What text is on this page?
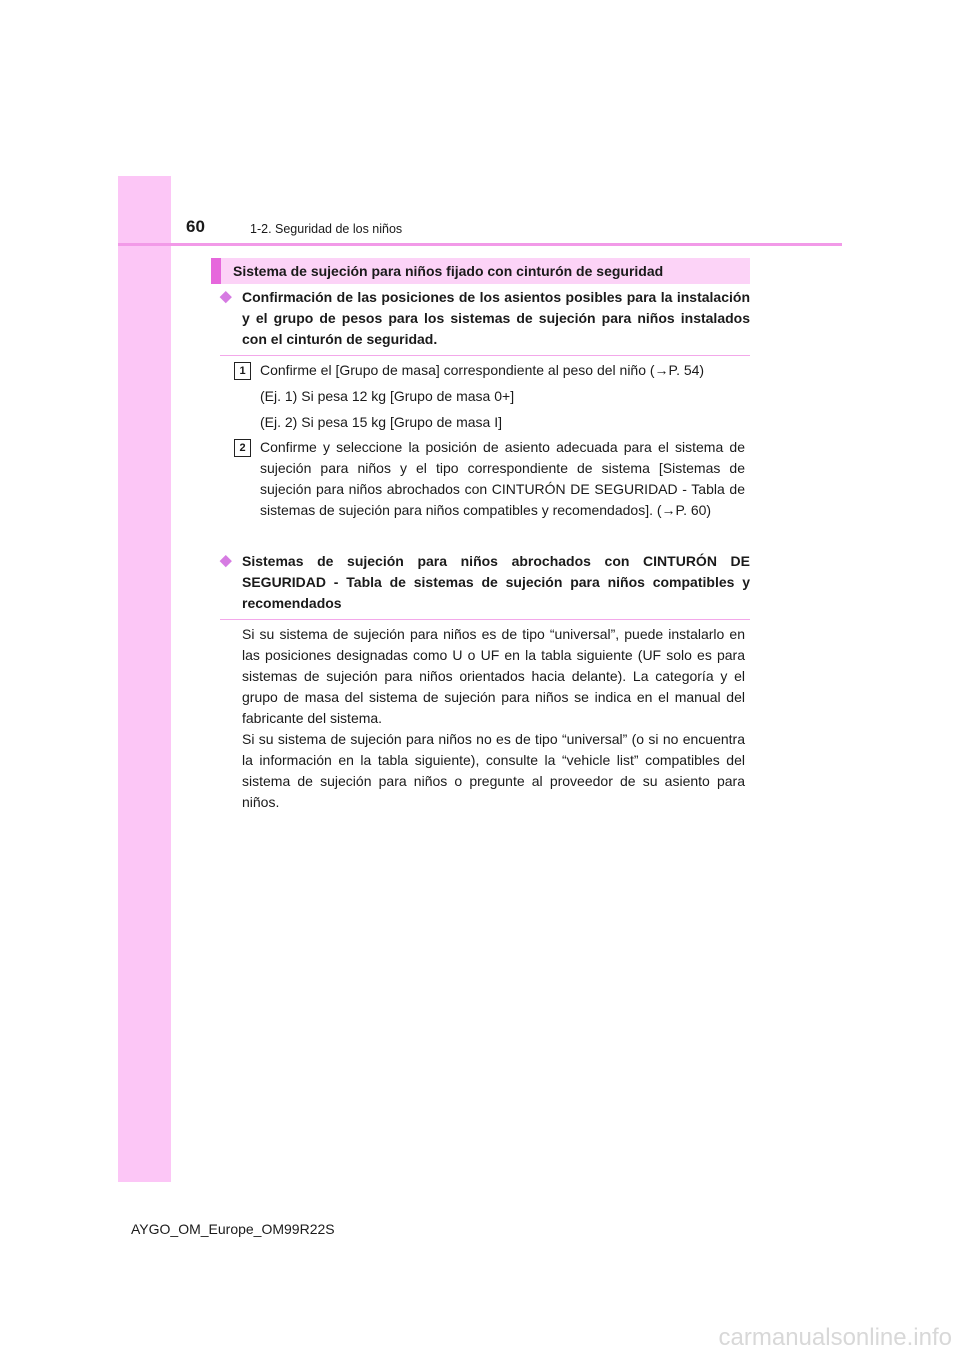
60	1-2. Seguridad de los niños
Sistema de sujeción para niños fijado con cinturón de seguridad
◆ Confirmación de las posiciones de los asientos posibles para la instalación y el grupo de pesos para los sistemas de sujeción para niños instalados con el cinturón de seguridad.
1	Confirme el [Grupo de masa] correspondiente al peso del niño (→P. 54)
(Ej. 1) Si pesa 12 kg [Grupo de masa 0+]
(Ej. 2) Si pesa 15 kg [Grupo de masa I]
2	Confirme y seleccione la posición de asiento adecuada para el sistema de sujeción para niños y el tipo correspondiente de sistema [Sistemas de sujeción para niños abrochados con CINTURÓN DE SEGURIDAD - Tabla de sistemas de sujeción para niños compatibles y recomendados]. (→P. 60)
◆ Sistemas de sujeción para niños abrochados con CINTURÓN DE SEGURIDAD - Tabla de sistemas de sujeción para niños compatibles y recomendados
Si su sistema de sujeción para niños es de tipo “universal”, puede instalarlo en las posiciones designadas como U o UF en la tabla siguiente (UF solo es para sistemas de sujeción para niños orientados hacia delante). La categoría y el grupo de masa del sistema de sujeción para niños se indica en el manual del fabricante del sistema.
Si su sistema de sujeción para niños no es de tipo “universal” (o si no encuentra la información en la tabla siguiente), consulte la “vehicle list” compatibles del sistema de sujeción para niños o pregunte al proveedor de su asiento para niños.
AYGO_OM_Europe_OM99R22S
carmanualsonline.info
